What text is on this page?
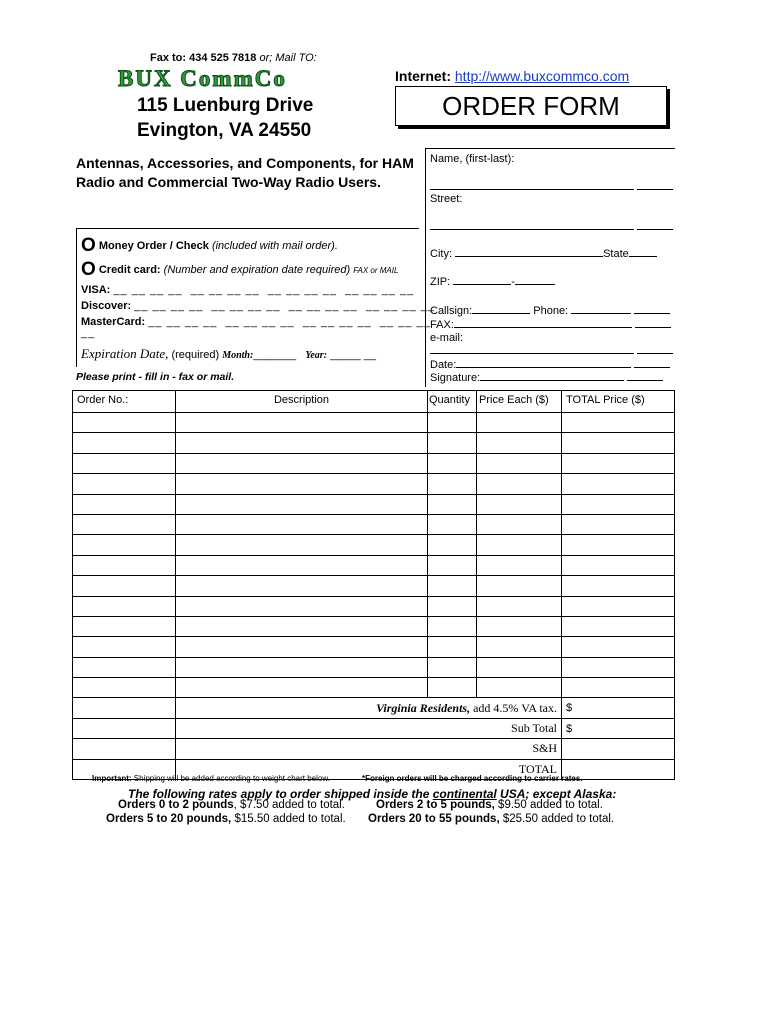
Fax to: 434 525 7818 or; Mail TO:
BUX CommCo
115 Luenburg Drive
Evington, VA 24550
Internet: http://www.buxcommco.com
ORDER FORM
Antennas, Accessories, and Components, for HAM Radio and Commercial Two-Way Radio Users.
Name, (first-last):

Street:

City:	State
ZIP:	-
Callsign:	Phone:
FAX:
e-mail:

Date:
Signature:
O Money Order / Check (included with mail order).
O Credit card: (Number and expiration date required) FAX or MAIL
VISA: __ __ __ __  __ __ __ __  __ __ __ __  __ __ __ __
Discover: __ __ __ __  __ __ __ __  __ __ __ __  __ __ __ __
MasterCard: __ __ __ __  __ __ __ __  __ __ __ __  __ __ __
__
Expiration Date, (required) Month:_______ Year: _____ __
Please print - fill in - fax or mail.
Order No.:	Description	Quantity	Price Each ($)	TOTAL Price ($)

	Virginia Residents, add 4.5% VA tax.			$
	Sub Total			$
	S&H			
	TOTAL			
Important: Shipping will be added according to weight chart below.	*Foreign orders will be charged according to carrier rates.
The following rates apply to order shipped inside the continental USA; except Alaska:
Orders 0 to 2 pounds, $7.50 added to total.	Orders 2 to 5 pounds, $9.50 added to total.
Orders 5 to 20 pounds, $15.50 added to total. Orders 20 to 55 pounds, $25.50 added to total.
